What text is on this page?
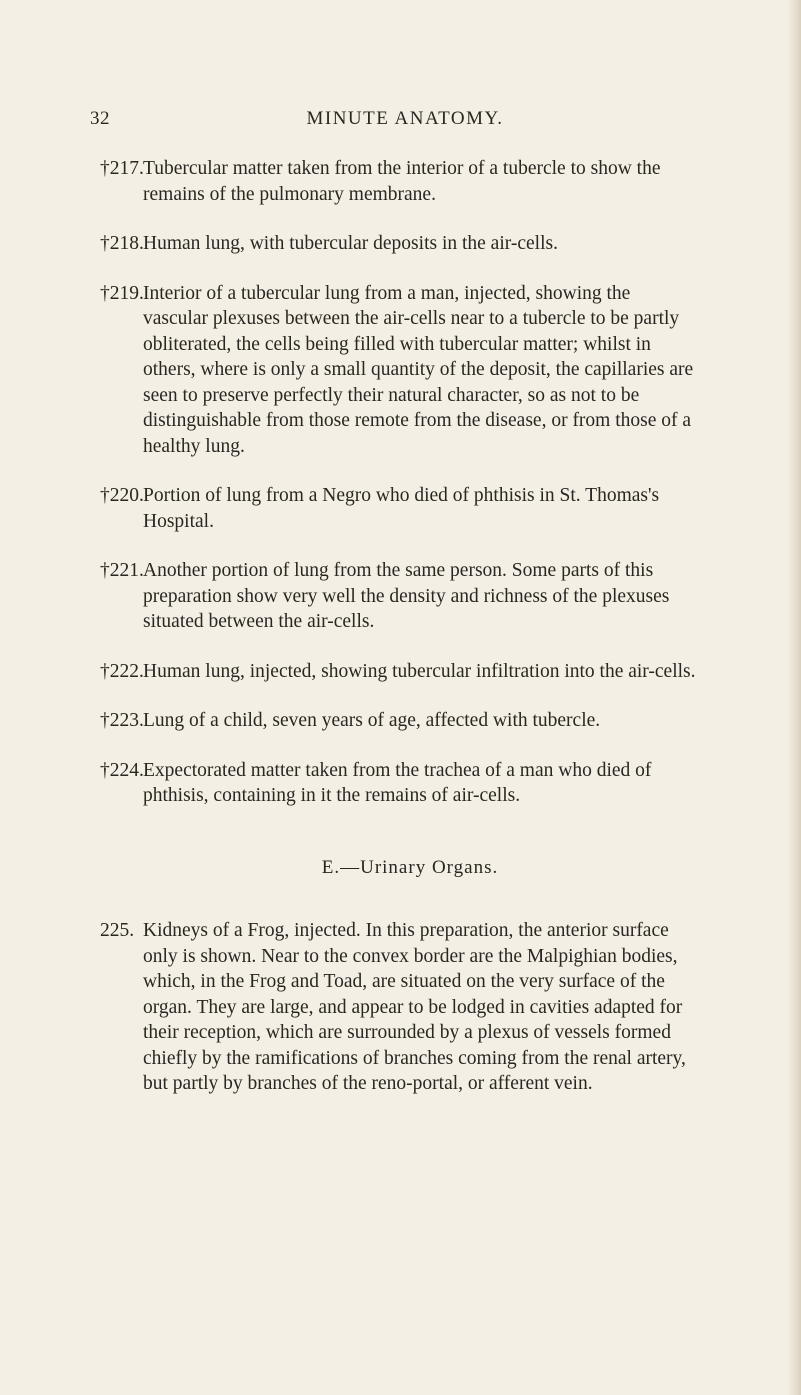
32	MINUTE ANATOMY.
†217. Tubercular matter taken from the interior of a tubercle to show the remains of the pulmonary membrane.
†218. Human lung, with tubercular deposits in the air-cells.
†219. Interior of a tubercular lung from a man, injected, showing the vascular plexuses between the air-cells near to a tubercle to be partly obliterated, the cells being filled with tubercular matter; whilst in others, where is only a small quantity of the deposit, the capillaries are seen to preserve perfectly their natural character, so as not to be distinguishable from those remote from the disease, or from those of a healthy lung.
†220. Portion of lung from a Negro who died of phthisis in St. Thomas's Hospital.
†221. Another portion of lung from the same person. Some parts of this preparation show very well the density and richness of the plexuses situated between the air-cells.
†222. Human lung, injected, showing tubercular infiltration into the air-cells.
†223. Lung of a child, seven years of age, affected with tubercle.
†224. Expectorated matter taken from the trachea of a man who died of phthisis, containing in it the remains of air-cells.
E.—Urinary Organs.
225. Kidneys of a Frog, injected. In this preparation, the anterior surface only is shown. Near to the convex border are the Malpighian bodies, which, in the Frog and Toad, are situated on the very surface of the organ. They are large, and appear to be lodged in cavities adapted for their reception, which are surrounded by a plexus of vessels formed chiefly by the ramifications of branches coming from the renal artery, but partly by branches of the reno-portal, or afferent vein.
